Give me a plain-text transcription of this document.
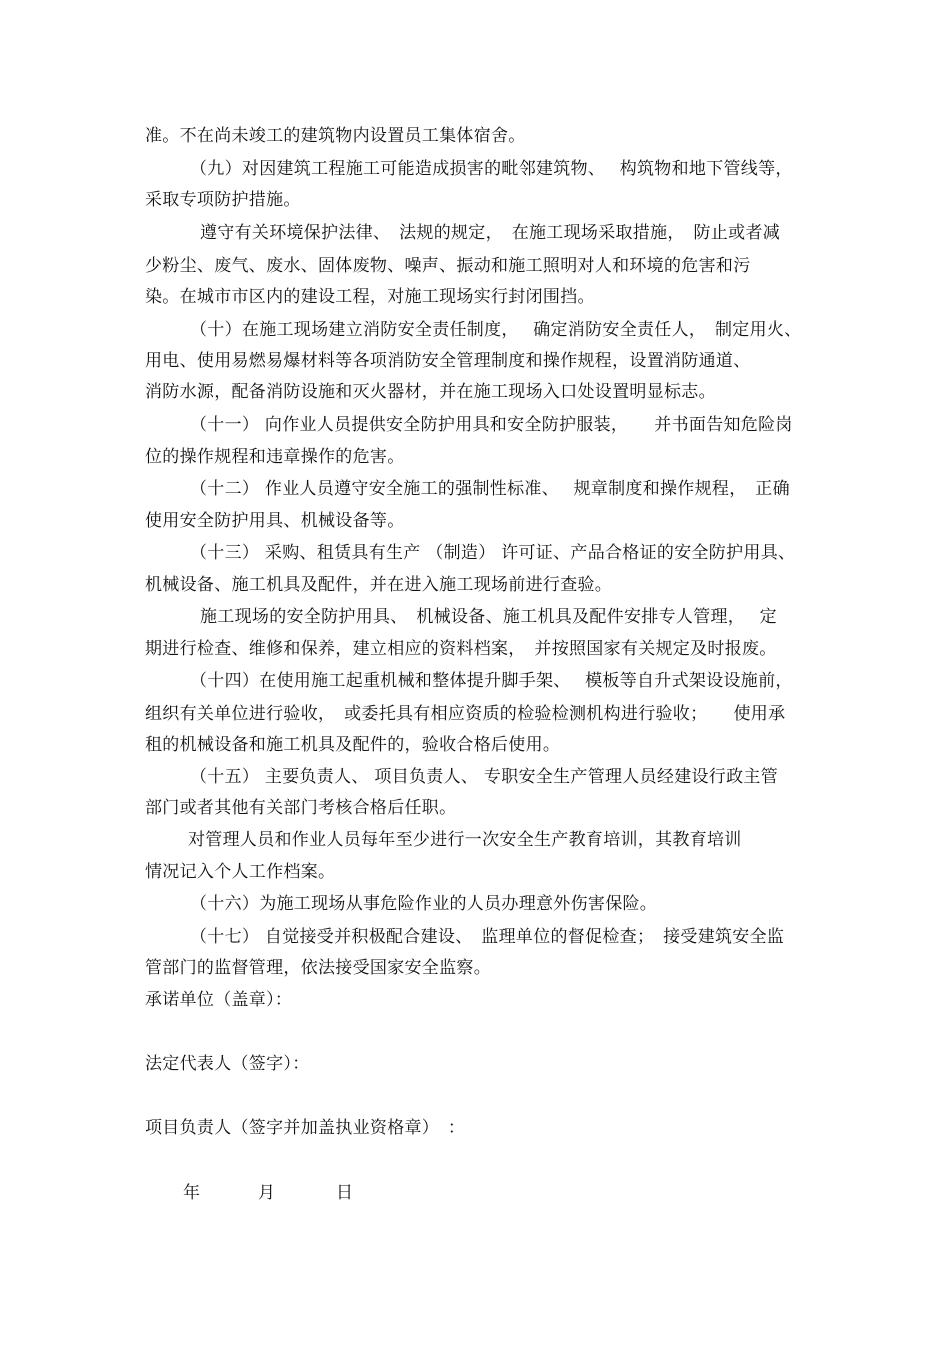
准。不在尚未竣工的建筑物内设置员工集体宿舍。
（九）对因建筑工程施工可能造成损害的毗邻建筑物、　 构筑物和地下管线等，
采取专项防护措施。
遵守有关环境保护法律、　法规的规定，　在施工现场采取措施，　防止或者减
少粉尘、废气、废水、固体废物、噪声、振动和施工照明对人和环境的危害和污
染。在城市市区内的建设工程，对施工现场实行封闭围挡。
（十）在施工现场建立消防安全责任制度，　 确定消防安全责任人，　制定用火、
用电、使用易燃易爆材料等各项消防安全管理制度和操作规程，设置消防通道、
消防水源，配备消防设施和灭火器材，并在施工现场入口处设置明显标志。
（十一） 向作业人员提供安全防护用具和安全防护服装，　　并书面告知危险岗
位的操作规程和违章操作的危害。
（十二） 作业人员遵守安全施工的强制性标准、　 规章制度和操作规程，　正确
使用安全防护用具、机械设备等。
（十三） 采购、租赁具有生产 （制造） 许可证、产品合格证的安全防护用具、
机械设备、施工机具及配件，并在进入施工现场前进行查验。
施工现场的安全防护用具、　机械设备、施工机具及配件安排专人管理，　 定
期进行检查、维修和保养，建立相应的资料档案，　并按照国家有关规定及时报废。
（十四）在使用施工起重机械和整体提升脚手架、　 模板等自升式架设设施前，
组织有关单位进行验收，　或委托具有相应资质的检验检测机构进行验收；　　使用承
租的机械设备和施工机具及配件的，验收合格后使用。
（十五） 主要负责人、 项目负责人、 专职安全生产管理人员经建设行政主管
部门或者其他有关部门考核合格后任职。
对管理人员和作业人员每年至少进行一次安全生产教育培训，其教育培训
情况记入个人工作档案。
（十六）为施工现场从事危险作业的人员办理意外伤害保险。
（十七） 自觉接受并积极配合建设、　监理单位的督促检查；　接受建筑安全监
管部门的监督管理，依法接受国家安全监察。
承诺单位（盖章）：
法定代表人（签字）：
项目负责人（签字并加盖执业资格章）　：
年	月	日
